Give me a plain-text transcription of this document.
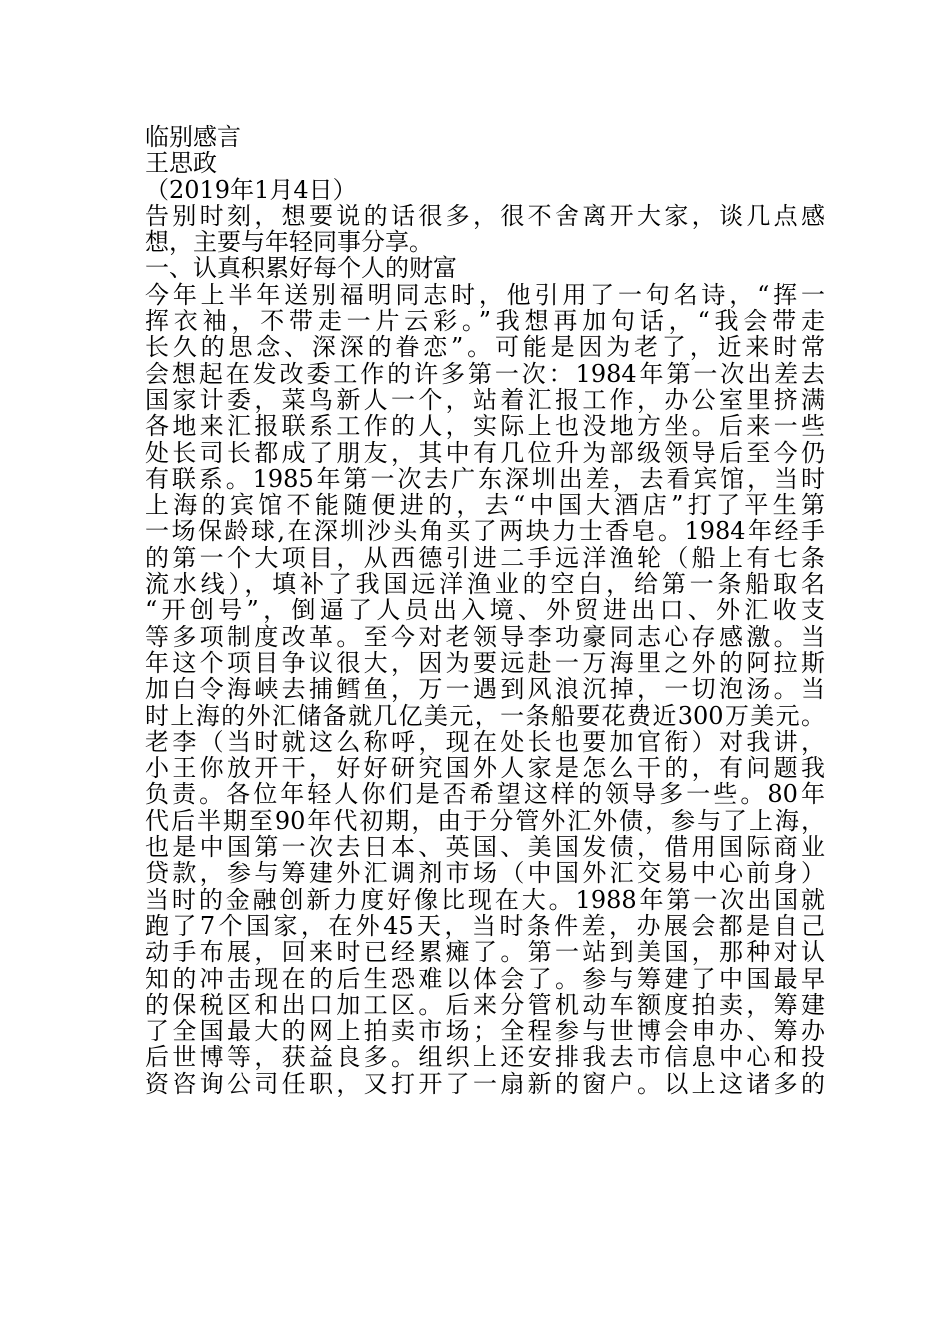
临别感言
王思政
（2019年1月4日）
告别时刻，想要说的话很多，很不舍离开大家，谈几点感
想，主要与年轻同事分享。
一、认真积累好每个人的财富
今年上半年送别福明同志时，他引用了一句名诗，“挥一
挥衣袖，不带走一片云彩。”我想再加句话，“我会带走
长久的思念、深深的眷恋”。可能是因为老了，近来时常
会想起在发改委工作的许多第一次：1984年第一次出差去
国家计委，菜鸟新人一个，站着汇报工作，办公室里挤满
各地来汇报联系工作的人，实际上也没地方坐。后来一些
处长司长都成了朋友，其中有几位升为部级领导后至今仍
有联系。1985年第一次去广东深圳出差，去看宾馆，当时
上海的宾馆不能随便进的，去“中国大酒店”打了平生第
一场保龄球,在深圳沙头角买了两块力士香皂。1984年经手
的第一个大项目，从西德引进二手远洋渔轮（船上有七条
流水线），填补了我国远洋渔业的空白，给第一条船取名
“开创号”，倒逼了人员出入境、外贸进出口、外汇收支
等多项制度改革。至今对老领导李功豪同志心存感激。当
年这个项目争议很大，因为要远赴一万海里之外的阿拉斯
加白令海峡去捕鳕鱼，万一遇到风浪沉掉，一切泡汤。当
时上海的外汇储备就几亿美元，一条船要花费近300万美元。
老李（当时就这么称呼，现在处长也要加官衔）对我讲，
小王你放开干，好好研究国外人家是怎么干的，有问题我
负责。各位年轻人你们是否希望这样的领导多一些。80年
代后半期至90年代初期，由于分管外汇外债，参与了上海，
也是中国第一次去日本、英国、美国发债，借用国际商业
贷款，参与筹建外汇调剂市场（中国外汇交易中心前身）
当时的金融创新力度好像比现在大。1988年第一次出国就
跑了7个国家，在外45天，当时条件差，办展会都是自己
动手布展，回来时已经累瘫了。第一站到美国，那种对认
知的冲击现在的后生恐难以体会了。参与筹建了中国最早
的保税区和出口加工区。后来分管机动车额度拍卖，筹建
了全国最大的网上拍卖市场；全程参与世博会申办、筹办
后世博等，获益良多。组织上还安排我去市信息中心和投
资咨询公司任职，又打开了一扇新的窗户。以上这诸多的
